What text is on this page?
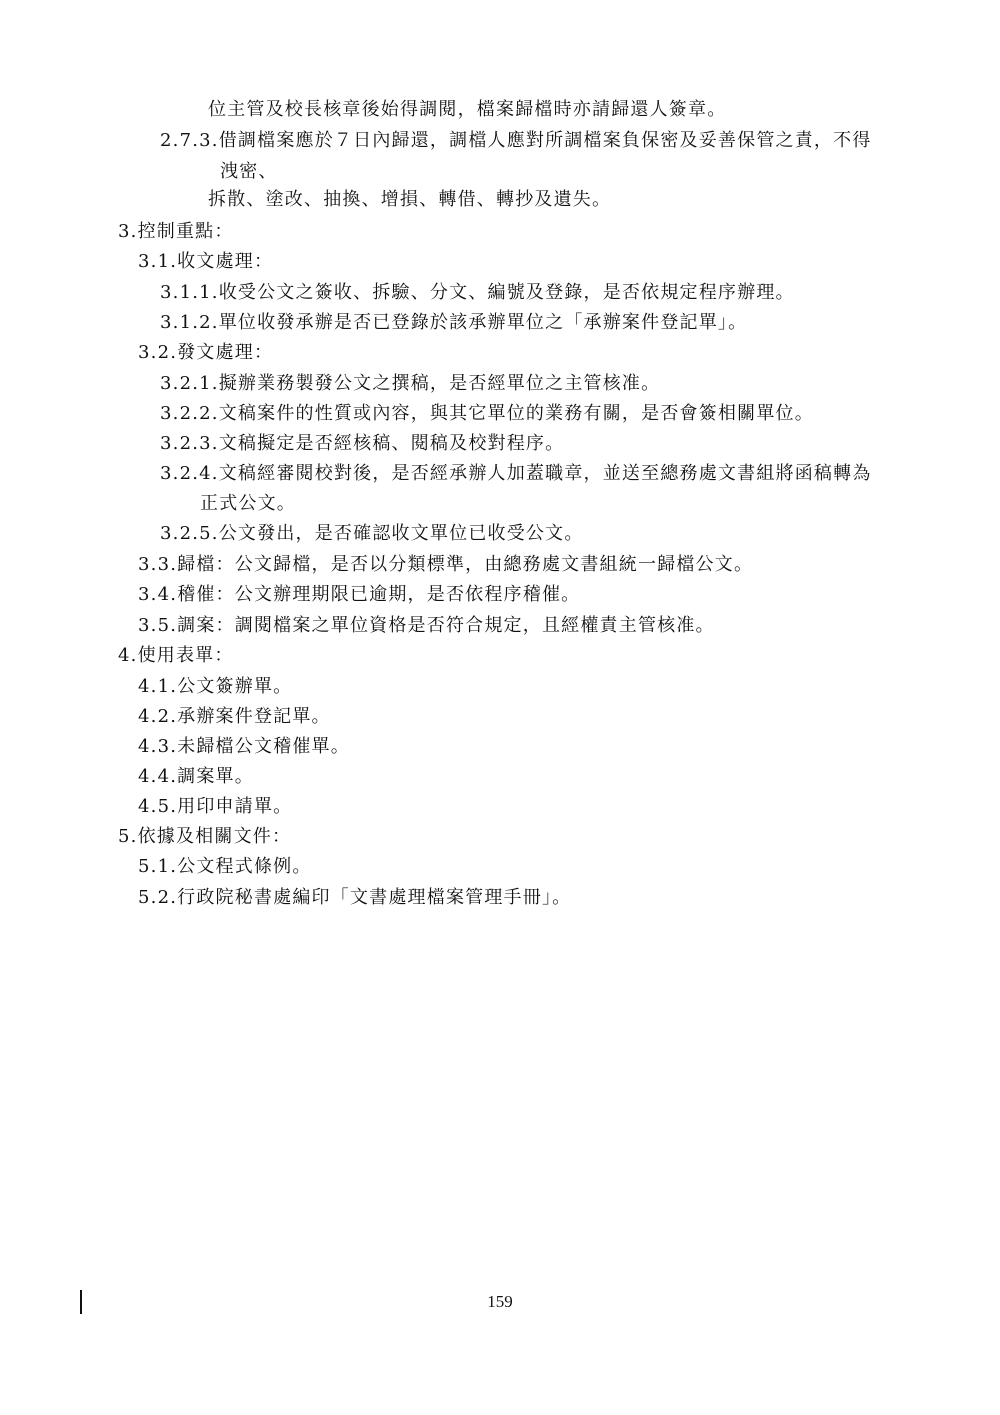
位主管及校長核章後始得調閱，檔案歸檔時亦請歸還人簽章。
2.7.3.借調檔案應於７日內歸還，調檔人應對所調檔案負保密及妥善保管之責，不得
洩密、
拆散、塗改、抽換、增損、轉借、轉抄及遺失。
3.控制重點：
3.1.收文處理：
3.1.1.收受公文之簽收、拆驗、分文、編號及登錄，是否依規定程序辦理。
3.1.2.單位收發承辦是否已登錄於該承辦單位之「承辦案件登記單」。
3.2.發文處理：
3.2.1.擬辦業務製發公文之撰稿，是否經單位之主管核准。
3.2.2.文稿案件的性質或內容，與其它單位的業務有關，是否會簽相關單位。
3.2.3.文稿擬定是否經核稿、閱稿及校對程序。
3.2.4.文稿經審閱校對後，是否經承辦人加蓋職章，並送至總務處文書組將函稿轉為
正式公文。
3.2.5.公文發出，是否確認收文單位已收受公文。
3.3.歸檔：公文歸檔，是否以分類標準，由總務處文書組統一歸檔公文。
3.4.稽催：公文辦理期限已逾期，是否依程序稽催。
3.5.調案：調閱檔案之單位資格是否符合規定，且經權責主管核准。
4.使用表單：
4.1.公文簽辦單。
4.2.承辦案件登記單。
4.3.未歸檔公文稽催單。
4.4.調案單。
4.5.用印申請單。
5.依據及相關文件：
5.1.公文程式條例。
5.2.行政院秘書處編印「文書處理檔案管理手冊」。
159
